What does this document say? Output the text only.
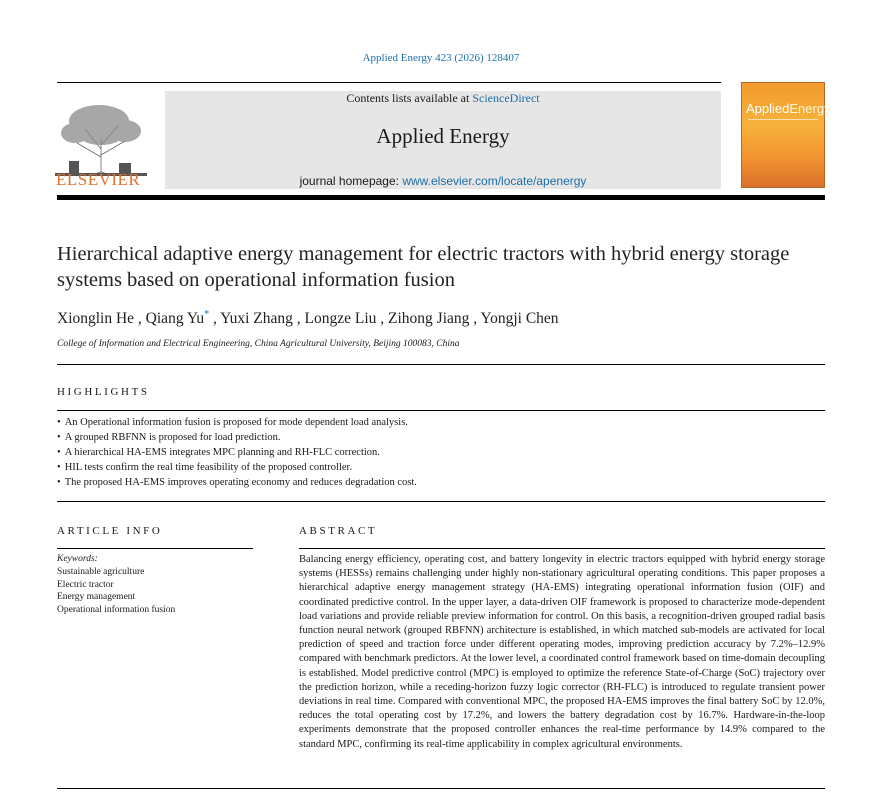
Applied Energy 423 (2026) 128407
ELSEVIER
Contents lists available at ScienceDirect
Applied Energy
journal homepage: www.elsevier.com/locate/apenergy
AppliedEnergy
Hierarchical adaptive energy management for electric tractors with hybrid energy storage systems based on operational information fusion
Xionglin He , Qiang Yu* , Yuxi Zhang , Longze Liu , Zihong Jiang , Yongji Chen
College of Information and Electrical Engineering, China Agricultural University, Beijing 100083, China
HIGHLIGHTS
• An Operational information fusion is proposed for mode dependent load analysis.
• A grouped RBFNN is proposed for load prediction.
• A hierarchical HA-EMS integrates MPC planning and RH-FLC correction.
• HIL tests confirm the real time feasibility of the proposed controller.
• The proposed HA-EMS improves operating economy and reduces degradation cost.
ARTICLE INFO	ABSTRACT
Keywords:
Sustainable agriculture
Electric tractor
Energy management
Operational information fusion

Balancing energy efficiency, operating cost, and battery longevity in electric tractors equipped with hybrid energy storage systems (HESSs) remains challenging under highly non-stationary agricultural operating conditions. This paper proposes a hierarchical adaptive energy management strategy (HA-EMS) integrating operational information fusion (OIF) and coordinated predictive control. In the upper layer, a data-driven OIF framework is proposed to characterize mode-dependent load variations and provide reliable preview information for control. On this basis, a recognition-driven grouped radial basis function neural network (grouped RBFNN) architecture is established, in which matched sub-models are activated for local prediction of speed and traction force under different operating modes, improving prediction accuracy by 7.2%–12.9% compared with benchmark predictors. At the lower level, a coordinated control framework based on time-domain decoupling is established. Model predictive control (MPC) is employed to optimize the reference State-of-Charge (SoC) trajectory over the prediction horizon, while a receding-horizon fuzzy logic corrector (RH-FLC) is introduced to regulate transient power deviations in real time. Compared with conventional MPC, the proposed HA-EMS improves the final battery SoC by 12.0%, reduces the total operating cost by 17.2%, and lowers the battery degradation cost by 16.7%. Hardware-in-the-loop experiments demonstrate that the proposed controller enhances the real-time performance by 14.9% compared to the standard MPC, confirming its real-time applicability in complex agricultural environments.
